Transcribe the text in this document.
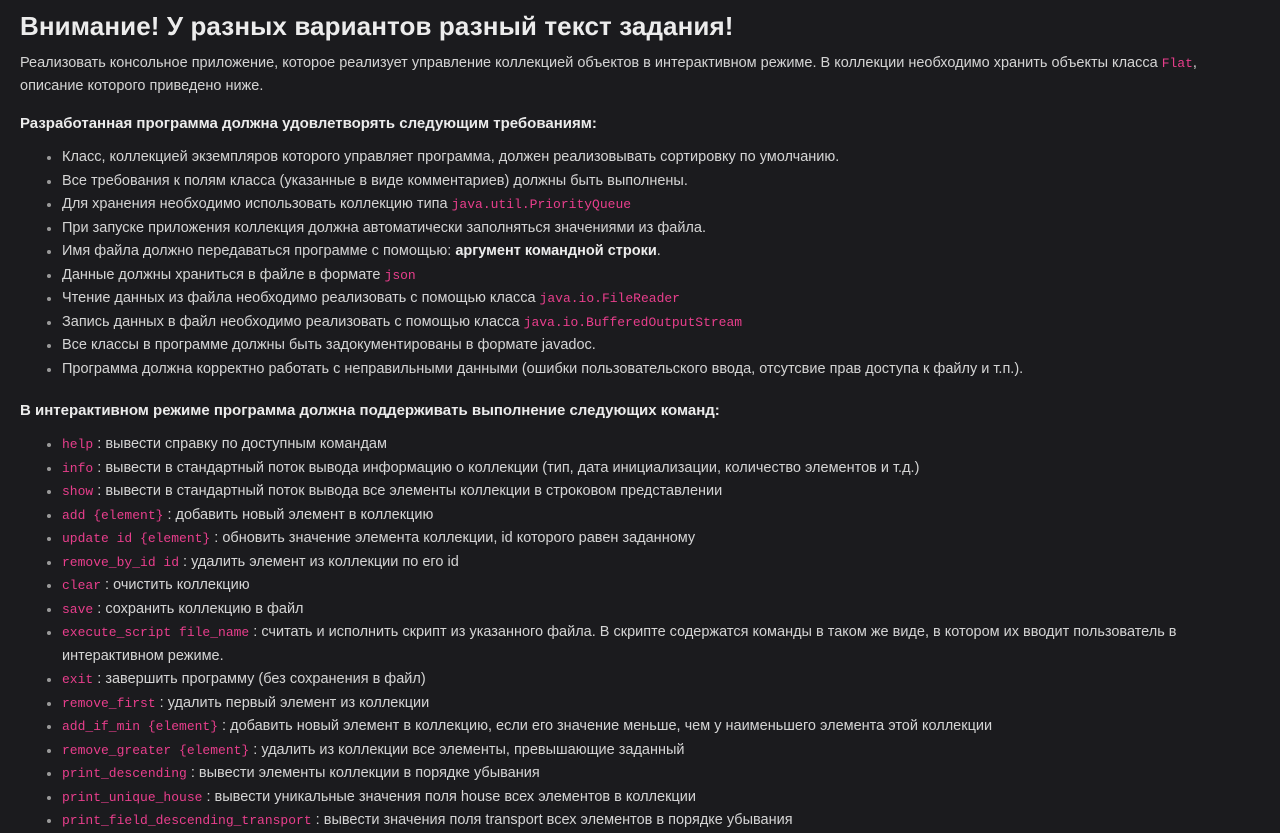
Внимание! У разных вариантов разный текст задания!

Реализовать консольное приложение, которое реализует управление коллекцией объектов в интерактивном режиме. В коллекции необходимо хранить объекты класса Flat, описание которого приведено ниже.

Разработанная программа должна удовлетворять следующим требованиям:
Класс, коллекцией экземпляров которого управляет программа, должен реализовывать сортировку по умолчанию.
Все требования к полям класса (указанные в виде комментариев) должны быть выполнены.
Для хранения необходимо использовать коллекцию типа java.util.PriorityQueue
При запуске приложения коллекция должна автоматически заполняться значениями из файла.
Имя файла должно передаваться программе с помощью: аргумент командной строки.
Данные должны храниться в файле в формате json
Чтение данных из файла необходимо реализовать с помощью класса java.io.FileReader
Запись данных в файл необходимо реализовать с помощью класса java.io.BufferedOutputStream
Все классы в программе должны быть задокументированы в формате javadoc.
Программа должна корректно работать с неправильными данными (ошибки пользовательского ввода, отсутсвие прав доступа к файлу и т.п.).
В интерактивном режиме программа должна поддерживать выполнение следующих команд:
help : вывести справку по доступным командам
info : вывести в стандартный поток вывода информацию о коллекции (тип, дата инициализации, количество элементов и т.д.)
show : вывести в стандартный поток вывода все элементы коллекции в строковом представлении
add {element} : добавить новый элемент в коллекцию
update id {element} : обновить значение элемента коллекции, id которого равен заданному
remove_by_id id : удалить элемент из коллекции по его id
clear : очистить коллекцию
save : сохранить коллекцию в файл
execute_script file_name : считать и исполнить скрипт из указанного файла. В скрипте содержатся команды в таком же виде, в котором их вводит пользователь в интерактивном режиме.
exit : завершить программу (без сохранения в файл)
remove_first : удалить первый элемент из коллекции
add_if_min {element} : добавить новый элемент в коллекцию, если его значение меньше, чем у наименьшего элемента этой коллекции
remove_greater {element} : удалить из коллекции все элементы, превышающие заданный
print_descending : вывести элементы коллекции в порядке убывания
print_unique_house : вывести уникальные значения поля house всех элементов в коллекции
print_field_descending_transport : вывести значения поля transport всех элементов в порядке убывания
